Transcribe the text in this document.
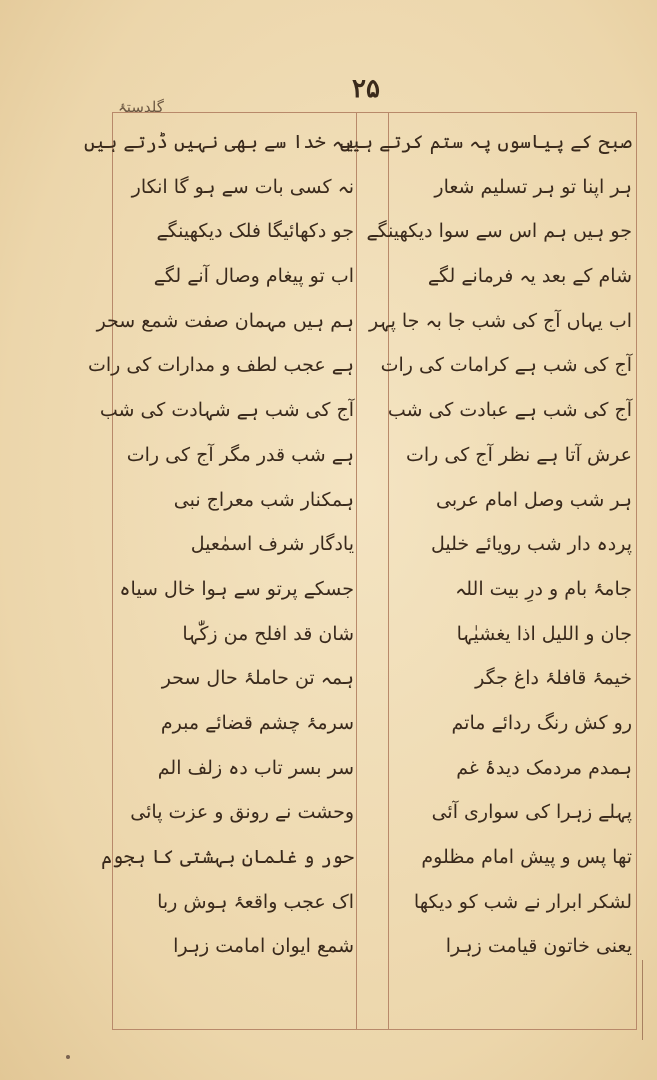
گلدستۂ
۲۵
صبح کے پیاسوں پہ ستم کرتے ہیں
ہر اپنا تو ہر تسلیم شعار
جو ہیں ہم اس سے سوا دیکھینگے
شام کے بعد یہ فرمانے لگے
اب یہاں آج کی شب جا بہ جا پہر
آج کی شب ہے کرامات کی رات
آج کی شب ہے عبادت کی شب
عرش آتا ہے نظر آج کی رات
ہر شب وصل امام عربی
پردہ دار شب رویائے خلیل
جامۂ بام و درِ بیت اللہ
جان و اللیل اذا یغشیٰہا
خیمۂ قافلۂ داغ جگر
رو کش رنگ ردائے ماتم
ہمدم مردمک دیدۂ غم
پہلے زہرا کی سواری آئی
تھا پس و پیش امام مظلوم
لشکر ابرار نے شب کو دیکھا
یعنی خاتون قیامت زہرا
یہ خدا سے بھی نہیں ڈرتے ہیں
نہ کسی بات سے ہو گا انکار
جو دکھائیگا فلک دیکھینگے
اب تو پیغام وصال آنے لگے
ہم ہیں مہمان صفت شمع سحر
ہے عجب لطف و مدارات کی رات
آج کی شب ہے شہادت کی شب
ہے شب قدر مگر آج کی رات
ہمکنار شب معراج نبی
یادگار شرف اسمٰعیل
جسکے پرتو سے ہوا خال سیاہ
شان قد افلح من زکّٰہا
ہمہ تن حاملۂ حال سحر
سرمۂ چشم قضائے مبرم
سر بسر تاب دہ زلف الم
وحشت نے رونق و عزت پائی
حور و غلمان بہشتی کا ہجوم
اک عجب واقعۂ ہوش ربا
شمع ایوان امامت زہرا
